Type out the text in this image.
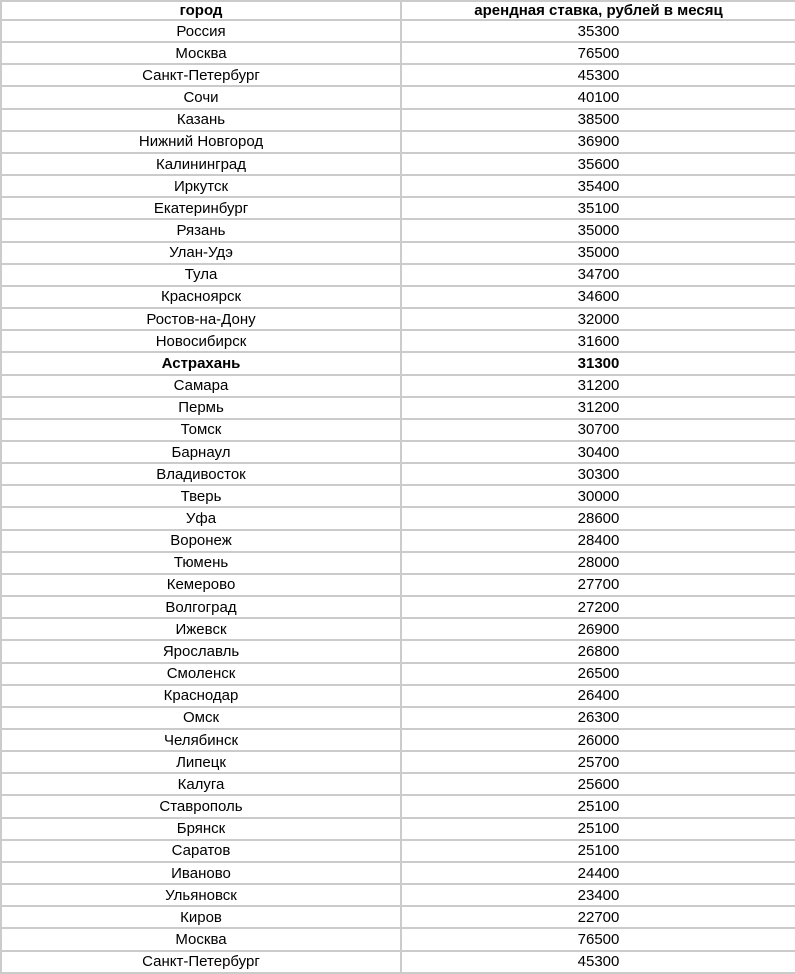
город	арендная ставка, рублей в месяц
Россия	35300
Москва	76500
Санкт-Петербург	45300
Сочи	40100
Казань	38500
Нижний Новгород	36900
Калининград	35600
Иркутск	35400
Екатеринбург	35100
Рязань	35000
Улан-Удэ	35000
Тула	34700
Красноярск	34600
Ростов-на-Дону	32000
Новосибирск	31600
Астрахань	31300
Самара	31200
Пермь	31200
Томск	30700
Барнаул	30400
Владивосток	30300
Тверь	30000
Уфа	28600
Воронеж	28400
Тюмень	28000
Кемерово	27700
Волгоград	27200
Ижевск	26900
Ярославль	26800
Смоленск	26500
Краснодар	26400
Омск	26300
Челябинск	26000
Липецк	25700
Калуга	25600
Ставрополь	25100
Брянск	25100
Саратов	25100
Иваново	24400
Ульяновск	23400
Киров	22700
Москва	76500
Санкт-Петербург	45300
